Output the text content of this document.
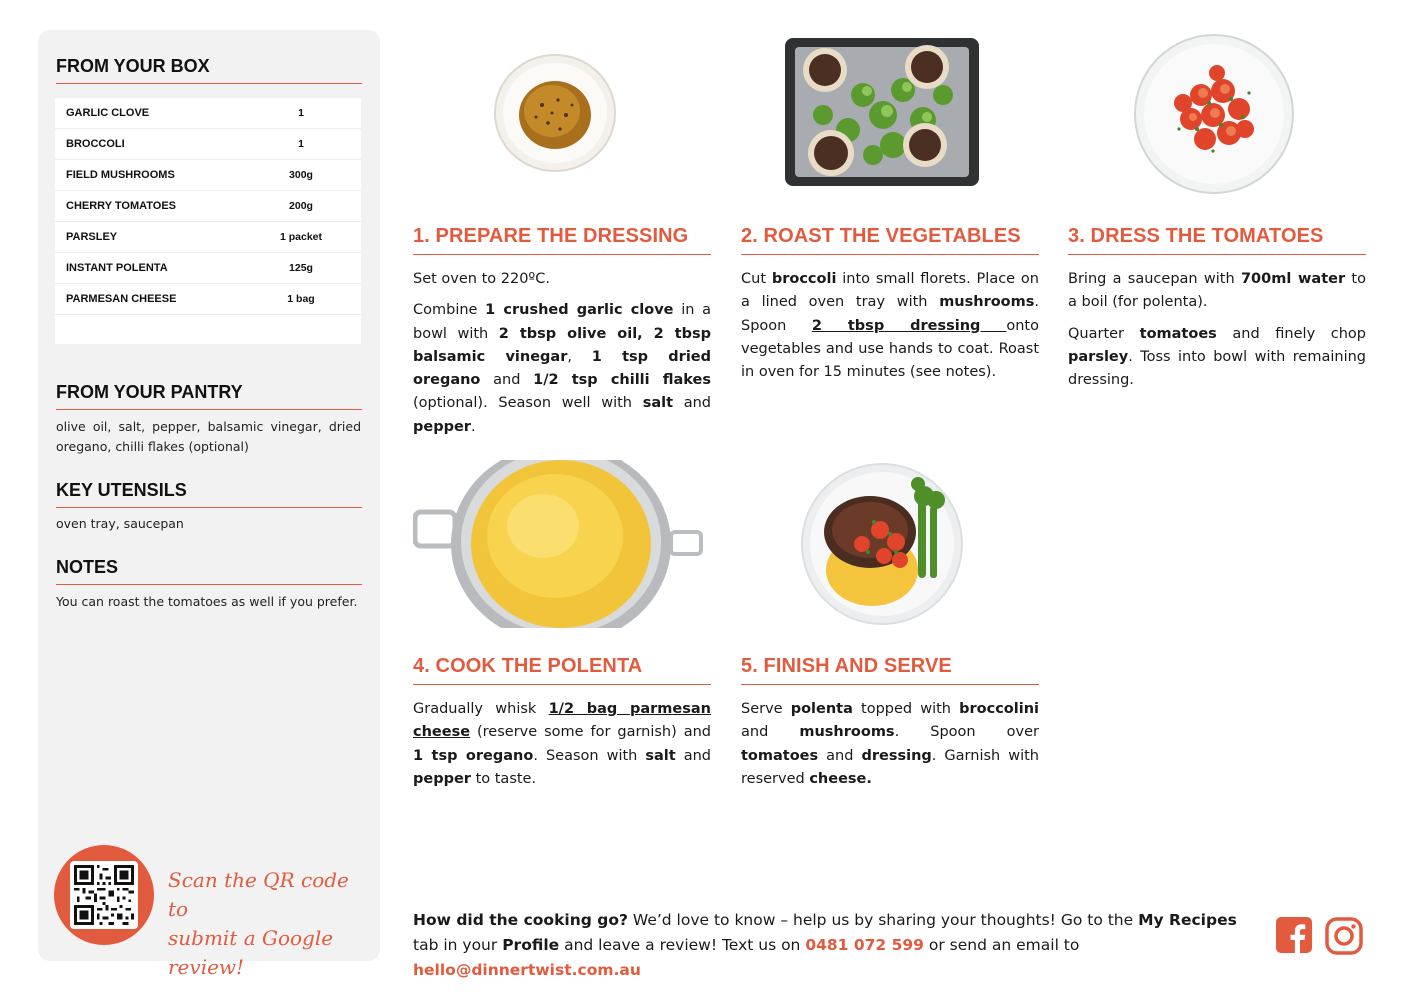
FROM YOUR BOX
GARLIC CLOVE	1
BROCCOLI	1
FIELD MUSHROOMS	300g
CHERRY TOMATOES	200g
PARSLEY	1 packet
INSTANT POLENTA	125g
PARMESAN CHEESE	1 bag
FROM YOUR PANTRY
olive oil, salt, pepper, balsamic vinegar, dried oregano, chilli flakes (optional)
KEY UTENSILS
oven tray, saucepan
NOTES
You can roast the tomatoes as well if you prefer.
Scan the QR code to
submit a Google review!
1. PREPARE THE DRESSING

Set oven to 220ºC.

Combine 1 crushed garlic clove in a bowl with 2 tbsp olive oil, 2 tbsp balsamic vinegar, 1 tsp dried oregano and 1/2 tsp chilli flakes (optional). Season well with salt and pepper.

2. ROAST THE VEGETABLES

Cut broccoli into small florets. Place on a lined oven tray with mushrooms. Spoon 2 tbsp dressing onto vegetables and use hands to coat. Roast in oven for 15 minutes (see notes).

3. DRESS THE TOMATOES

Bring a saucepan with 700ml water to a boil (for polenta).

Quarter tomatoes and finely chop parsley. Toss into bowl with remaining dressing.

4. COOK THE POLENTA

Gradually whisk 1/2 bag parmesan cheese (reserve some for garnish) and 1 tsp oregano. Season with salt and pepper to taste.

5. FINISH AND SERVE

Serve polenta topped with broccolini and mushrooms. Spoon over tomatoes and dressing. Garnish with reserved cheese.

How did the cooking go? We’d love to know – help us by sharing your thoughts! Go to the My Recipes tab in your Profile and leave a review! Text us on 0481 072 599 or send an email to hello@dinnertwist.com.au
